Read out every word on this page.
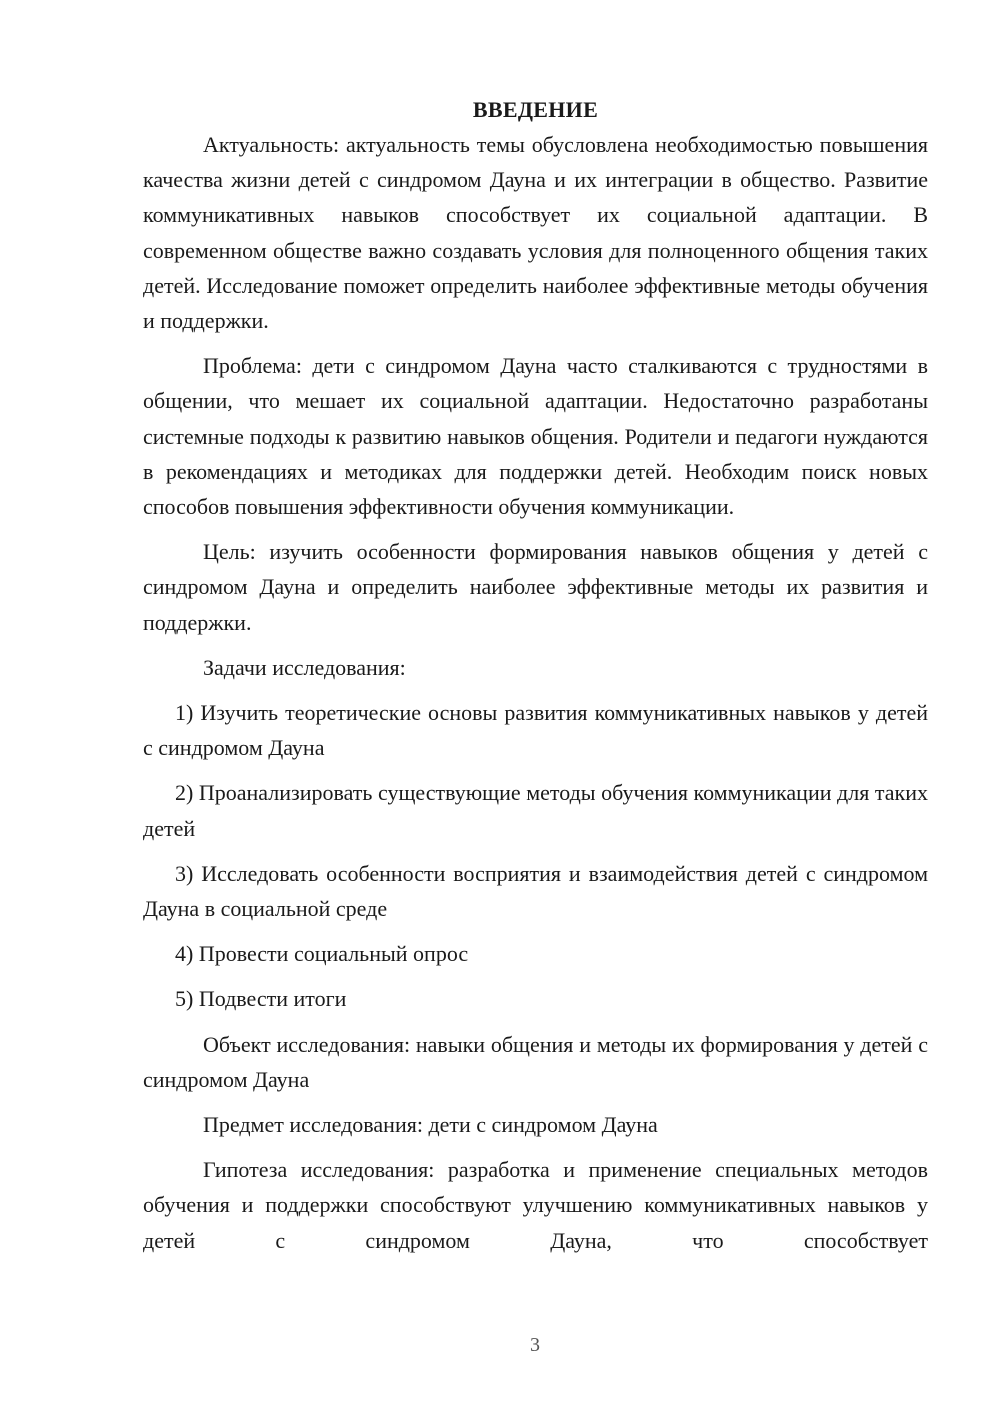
ВВЕДЕНИЕ

Актуальность: актуальность темы обусловлена необходимостью повышения качества жизни детей с синдромом Дауна и их интеграции в общество. Развитие коммуникативных навыков способствует их социальной адаптации. В современном обществе важно создавать условия для полноценного общения таких детей. Исследование поможет определить наиболее эффективные методы обучения и поддержки.

Проблема: дети с синдромом Дауна часто сталкиваются с трудностями в общении, что мешает их социальной адаптации. Недостаточно разработаны системные подходы к развитию навыков общения. Родители и педагоги нуждаются в рекомендациях и методиках для поддержки детей. Необходим поиск новых способов повышения эффективности обучения коммуникации.

Цель: изучить особенности формирования навыков общения у детей с синдромом Дауна и определить наиболее эффективные методы их развития и поддержки.

Задачи исследования:

1) Изучить теоретические основы развития коммуникативных навыков у детей с синдромом Дауна

2) Проанализировать существующие методы обучения коммуникации для таких детей

3) Исследовать особенности восприятия и взаимодействия детей с синдромом Дауна в социальной среде

4) Провести социальный опрос

5) Подвести итоги

Объект исследования: навыки общения и методы их формирования у детей с синдромом Дауна

Предмет исследования: дети с синдромом Дауна

Гипотеза исследования: разработка и применение специальных методов обучения и поддержки способствуют улучшению коммуникативных навыков у детей с синдромом Дауна, что способствует

3
